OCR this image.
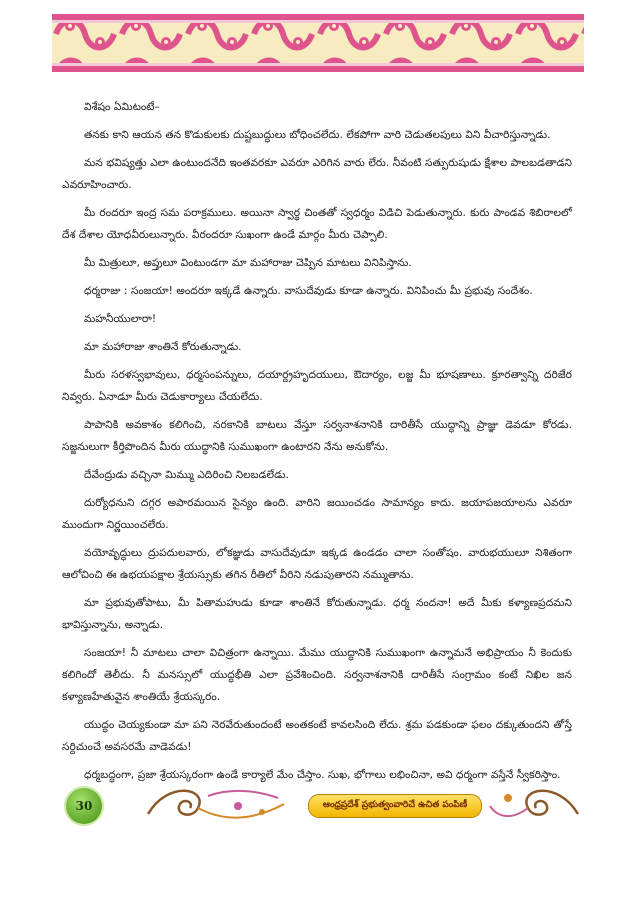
విశేషం ఏమిటంటే–

తనకు కాని ఆయన తన కొడుకులకు దుష్టబుద్ధులు బోధించలేదు. లేకపోగా వారి చెడుతలపులు విని వీచారిస్తున్నాడు.

మన భవిష్యత్తు ఎలా ఉంటుందనేది ఇంతవరకూ ఎవరూ ఎరిగిన వారు లేరు. నీవంటి సత్పురుషుడు క్షేశాల పాలబడతాడని ఎవరూహించారు.

మీ రందరూ ఇంద్ర సమ పరాక్రములు. అయినా స్వార్థ చింతతో స్వధర్మం విడిచి పెడుతున్నారు. కురు పాండవ శిబిరాలలో దేశ దేశాల యోధవీరులున్నారు. వీరందరూ సుఖంగా ఉండే మార్గం మీరు చెప్పాలి.

మీ మిత్రులూ, అప్తులూ వింటుండగా మా మహారాజు చెప్పిన మాటలు వినిపిస్తాను.

ధర్మరాజు : సంజయా! అందరూ ఇక్కడే ఉన్నారు. వాసుదేవుడు కూడా ఉన్నారు. వినిపించు మీ ప్రభువు సందేశం.

మహనీయులారా!

మా మహారాజు శాంతినే కోరుతున్నాడు.

మీరు సరళస్వభావులు, ధర్మసంపన్నులు, దయార్ద్రహృదయులు, ఔదార్యం, లజ్జ మీ భూషణాలు. క్రూరత్వాన్ని దరిజేర నివ్వరు. ఏనాడూ మీరు చెడుకార్యాలు చేయలేదు.

పాపానికి అవకాశం కలిగించి, నరకానికి బాటలు వేస్తూ సర్వనాశనానికి దారితీసే యుద్ధాన్ని ప్రాజ్ఞు డెవడూ కోరడు. సజ్జనులుగా కీర్తిపొందిన మీరు యుద్ధానికి సుముఖంగా ఉంటారని నేను అనుకోను.

దేవేంద్రుడు వచ్చినా మిమ్ము ఎదిరించి నిలబడలేడు.

దుర్యోధనుని దగ్గర అపారమయిన సైన్యం ఉంది. వారిని జయించడం సామాన్యం కాదు. జయాపజయాలను ఎవరూ ముందుగా నిర్ణయించలేరు.

వయోవృద్ధులు ద్రుపదులవారు, లోకజ్ఞుడు వాసుదేవుడూ ఇక్కడ ఉండడం చాలా సంతోషం. వారుభయులూ నిశితంగా ఆలోచించి ఈ ఉభయపక్షాల శ్రేయస్సుకు తగిన రీతిలో వీరిని నడుపుతారని నమ్ముతాను.

మా ప్రభువుతోపాటు, మీ పితామహుడు కూడా శాంతినే కోరుతున్నాడు. ధర్మ నందనా! అదే మీకు కళ్యాణప్రదమని భావిస్తున్నాను, అన్నాడు.

సంజయా! నీ మాటలు చాలా విచిత్రంగా ఉన్నాయి. మేము యుద్ధానికి సుముఖంగా ఉన్నామనే అభిప్రాయం నీ కెందుకు కలిగిందో తెలీదు. నీ మనస్సులో యుద్ధభీతి ఎలా ప్రవేశించింది. సర్వనాశనానికి దారితీసే సంగ్రామం కంటే నిఖిల జన కళ్యాణహేతువైన శాంతియే శ్రేయస్కరం.

యుద్ధం చెయ్యకుండా మా పని నెరవేరుతుందంటే అంతకంటే కావలసింది లేదు. శ్రమ పడకుండా ఫలం దక్కుతుందని తోస్తే సర్దిచుంచే అవసరమే వాడెవడు!

ధర్మబద్ధంగా, ప్రజా శ్రేయస్కరంగా ఉండే కార్యాలే మేం చేస్తాం. సుఖ, భోగాలు లభించినా, అవి ధర్మంగా వస్తేనే స్వీకరిస్తాం.

30	ఆంధ్రప్రదేశ్ ప్రభుత్వంవారిచే ఉచిత పంపిణీ
